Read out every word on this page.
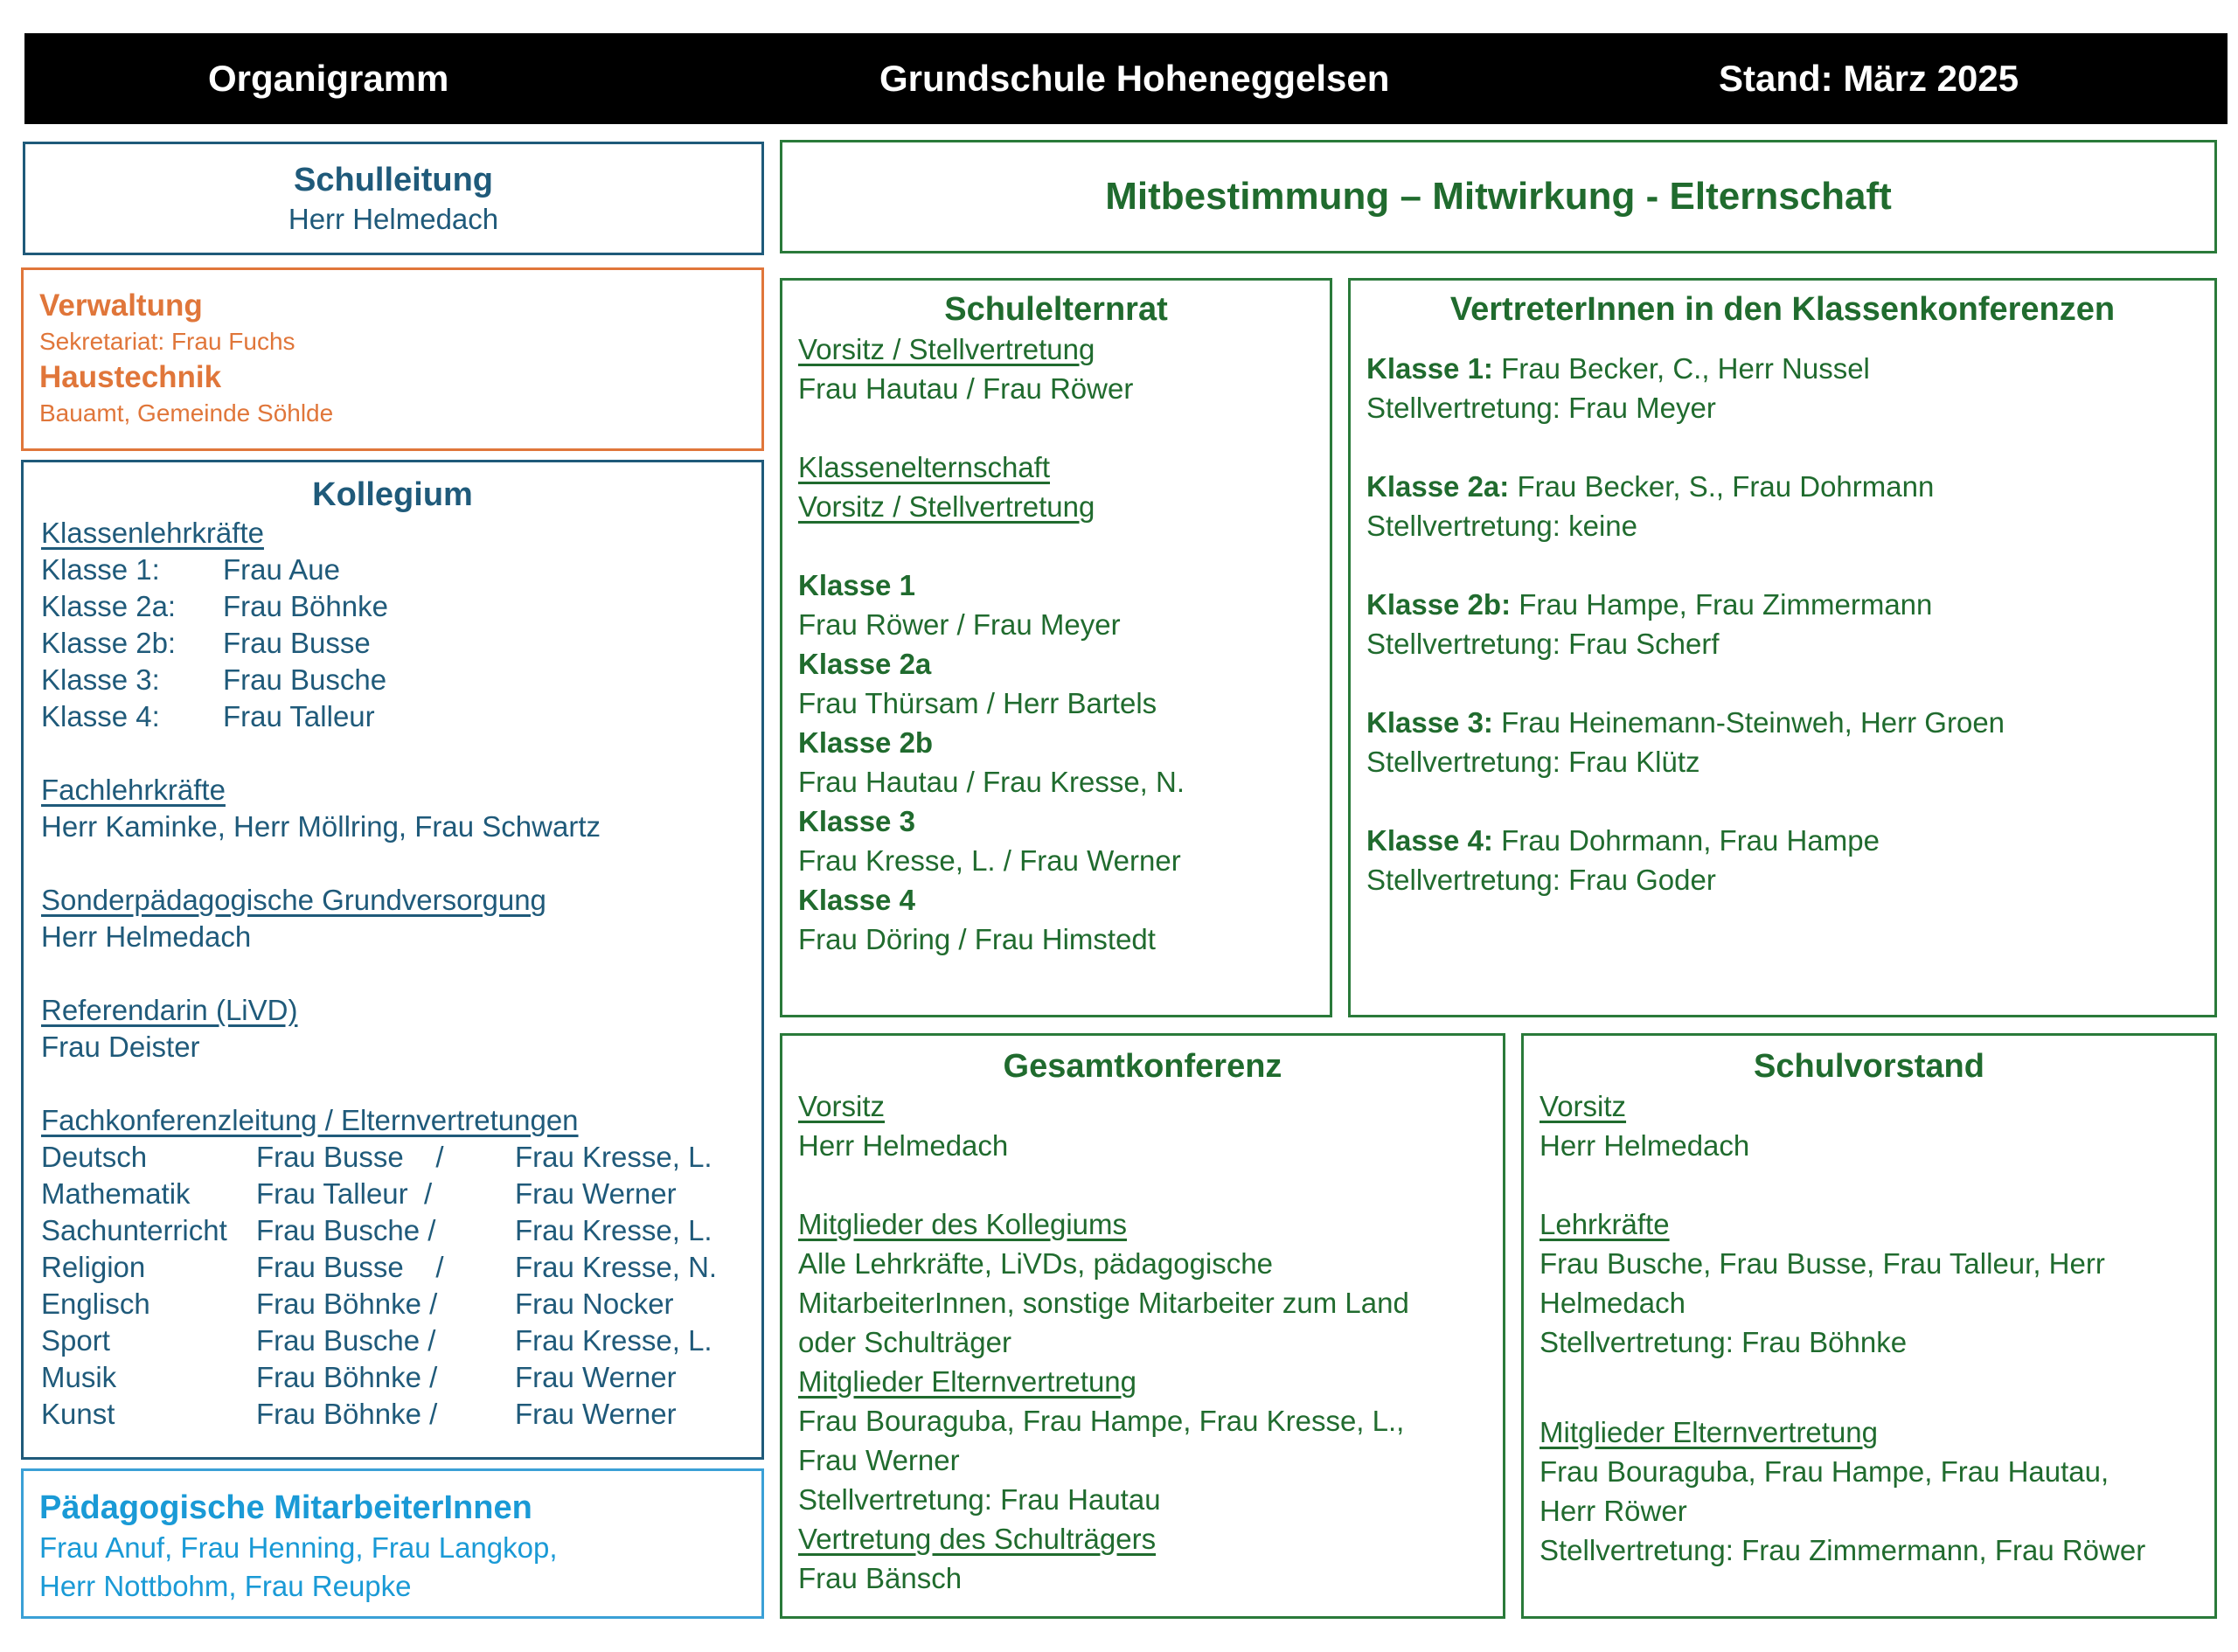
Organigramm	Grundschule Hoheneggelsen	Stand: März 2025
Schulleitung
Herr Helmedach
Verwaltung
Sekretariat: Frau Fuchs
Haustechnik
Bauamt, Gemeinde Söhlde
Kollegium
Klassenlehrkräfte
Klasse 1:	Frau Aue
Klasse 2a:	Frau Böhnke
Klasse 2b:	Frau Busse
Klasse 3:	Frau Busche
Klasse 4:	Frau Talleur
Fachlehrkräfte
Herr Kaminke, Herr Möllring, Frau Schwartz
Sonderpädagogische Grundversorgung
Herr Helmedach
Referendarin (LiVD)
Frau Deister
Fachkonferenzleitung / Elternvertretungen
Deutsch	Frau Busse    /	Frau Kresse, L.
Mathematik	Frau Talleur  /	Frau Werner
Sachunterricht	Frau Busche /	Frau Kresse, L.
Religion	Frau Busse    /	Frau Kresse, N.
Englisch	Frau Böhnke /	Frau Nocker
Sport	Frau Busche /	Frau Kresse, L.
Musik	Frau Böhnke /	Frau Werner
Kunst	Frau Böhnke /	Frau Werner
Pädagogische MitarbeiterInnen
Frau Anuf, Frau Henning, Frau Langkop,
Herr Nottbohm, Frau Reupke
Mitbestimmung – Mitwirkung - Elternschaft
Schulelternrat
Vorsitz / Stellvertretung
Frau Hautau / Frau Röwer
Klassenelternschaft
Vorsitz / Stellvertretung
Klasse 1
Frau Röwer / Frau Meyer
Klasse 2a
Frau Thürsam / Herr Bartels
Klasse 2b
Frau Hautau / Frau Kresse, N.
Klasse 3
Frau Kresse, L. / Frau Werner
Klasse 4
Frau Döring / Frau Himstedt
VertreterInnen in den Klassenkonferenzen
Klasse 1: Frau Becker, C., Herr Nussel
Stellvertretung: Frau Meyer
Klasse 2a: Frau Becker, S., Frau Dohrmann
Stellvertretung: keine
Klasse 2b: Frau Hampe, Frau Zimmermann
Stellvertretung: Frau Scherf
Klasse 3: Frau Heinemann-Steinweh, Herr Groen
Stellvertretung: Frau Klütz
Klasse 4: Frau Dohrmann, Frau Hampe
Stellvertretung: Frau Goder
Gesamtkonferenz
Vorsitz
Herr Helmedach
Mitglieder des Kollegiums
Alle Lehrkräfte, LiVDs, pädagogische
MitarbeiterInnen, sonstige Mitarbeiter zum Land
oder Schulträger
Mitglieder Elternvertretung
Frau Bouraguba, Frau Hampe, Frau Kresse, L.,
Frau Werner
Stellvertretung: Frau Hautau
Vertretung des Schulträgers
Frau Bänsch
Schulvorstand
Vorsitz
Herr Helmedach
Lehrkräfte
Frau Busche, Frau Busse, Frau Talleur, Herr
Helmedach
Stellvertretung: Frau Böhnke
Mitglieder Elternvertretung
Frau Bouraguba, Frau Hampe, Frau Hautau,
Herr Röwer
Stellvertretung: Frau Zimmermann, Frau Röwer
